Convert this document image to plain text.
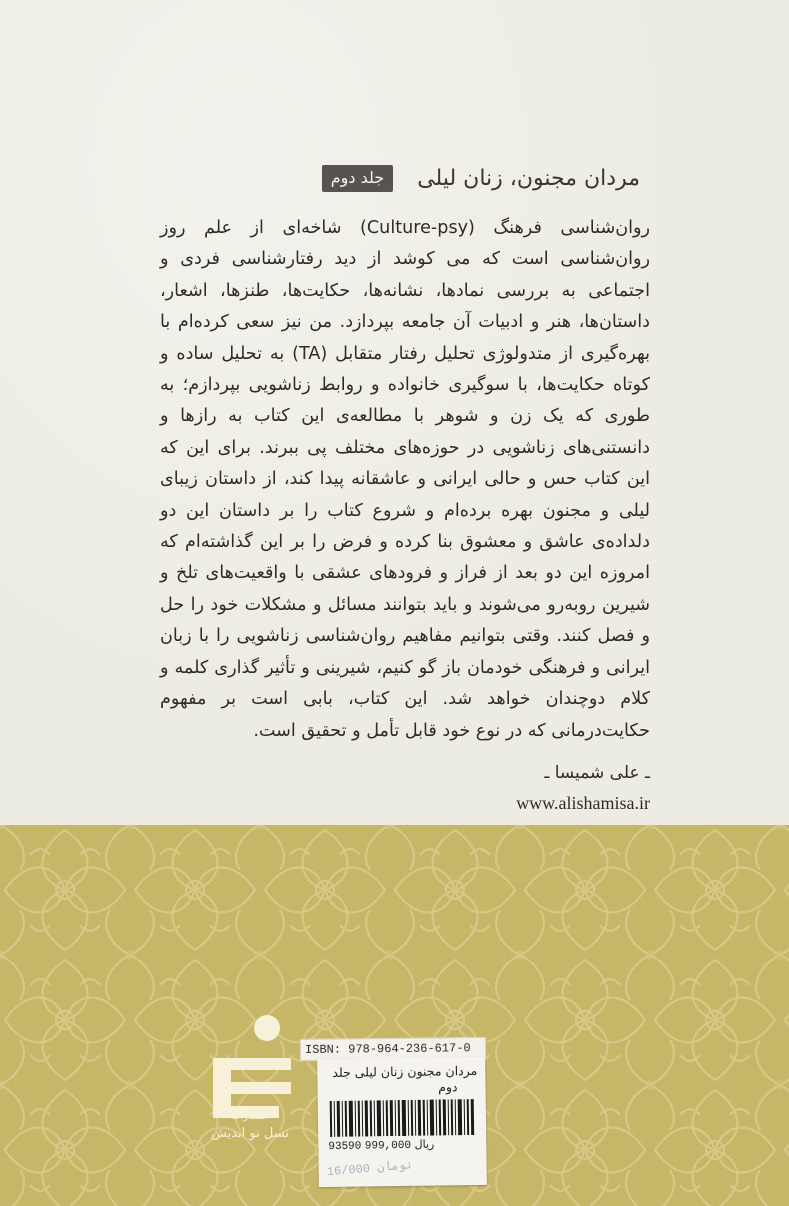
مردان مجنون، زنان لیلی
جلد دوم

روان‌شناسی فرهنگ (Culture-psy) شاخه‌ای از علم روز روان‌شناسی است که می کوشد از دید رفتار‌شناسی فردی و اجتماعی به بررسی نمادها، نشانه‌ها، حکایت‌ها، طنزها، اشعار، داستان‌ها، هنر و ادبیات آن جامعه بپردازد. من نیز سعی کرده‌ام با بهره‌گیری از متدولوژی تحلیل رفتار متقابل (TA) به تحلیل ساده و کوتاه حکایت‌ها، با سوگیری خانواده و روابط زناشویی بپردازم؛ به طوری که یک زن و شوهر با مطالعه‌ی این کتاب به رازها و دانستنی‌های زناشویی در حوزه‌های مختلف پی ببرند. برای این که این کتاب حس و حالی ایرانی و عاشقانه پیدا کند، از داستان زیبای لیلی و مجنون بهره برده‌ام و شروع کتاب را بر داستان این دو دلداده‌ی عاشق و معشوق بنا کرده و فرض را بر این گذاشته‌ام که امروزه این دو بعد از فراز و فرودهای عشقی با واقعیت‌های تلخ و شیرین روبه‌رو می‌شوند و باید بتوانند مسائل و مشکلات خود را حل و فصل کنند. وقتی بتوانیم مفاهیم روان‌شناسی زناشویی را با زبان ایرانی و فرهنگی خودمان باز گو کنیم، شیرینی و تأثیر گذاری کلمه و کلام دوچندان خواهد شد. این کتاب، بابی است بر مفهوم حکایت‌درمانی که در نوع خود قابل تأمل و تحقیق است.

ـ علی شمیسا ـ
www.alishamisa.ir
انتشارات
نسل نو اندیش
ISBN: 978-964-236-617-0
مردان مجنون زنان لیلی جلد
دوم
93590	ریال 999,000
16/000 تومان
